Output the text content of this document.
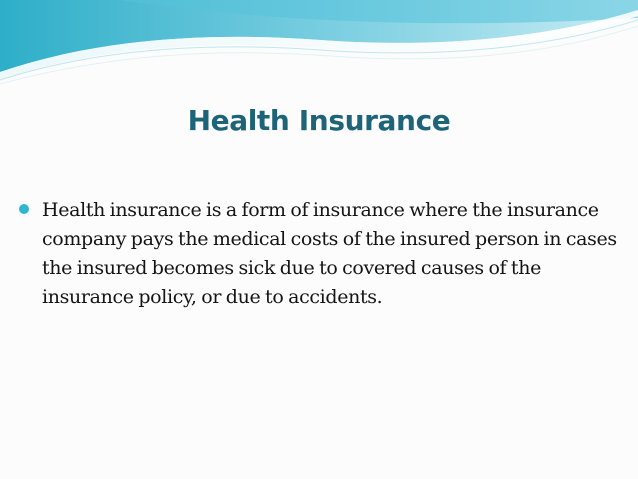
Health Insurance
Health insurance is a form of insurance where the insurance company pays the medical costs of the insured person in cases the insured becomes sick due to covered causes of the insurance policy, or due to accidents.
